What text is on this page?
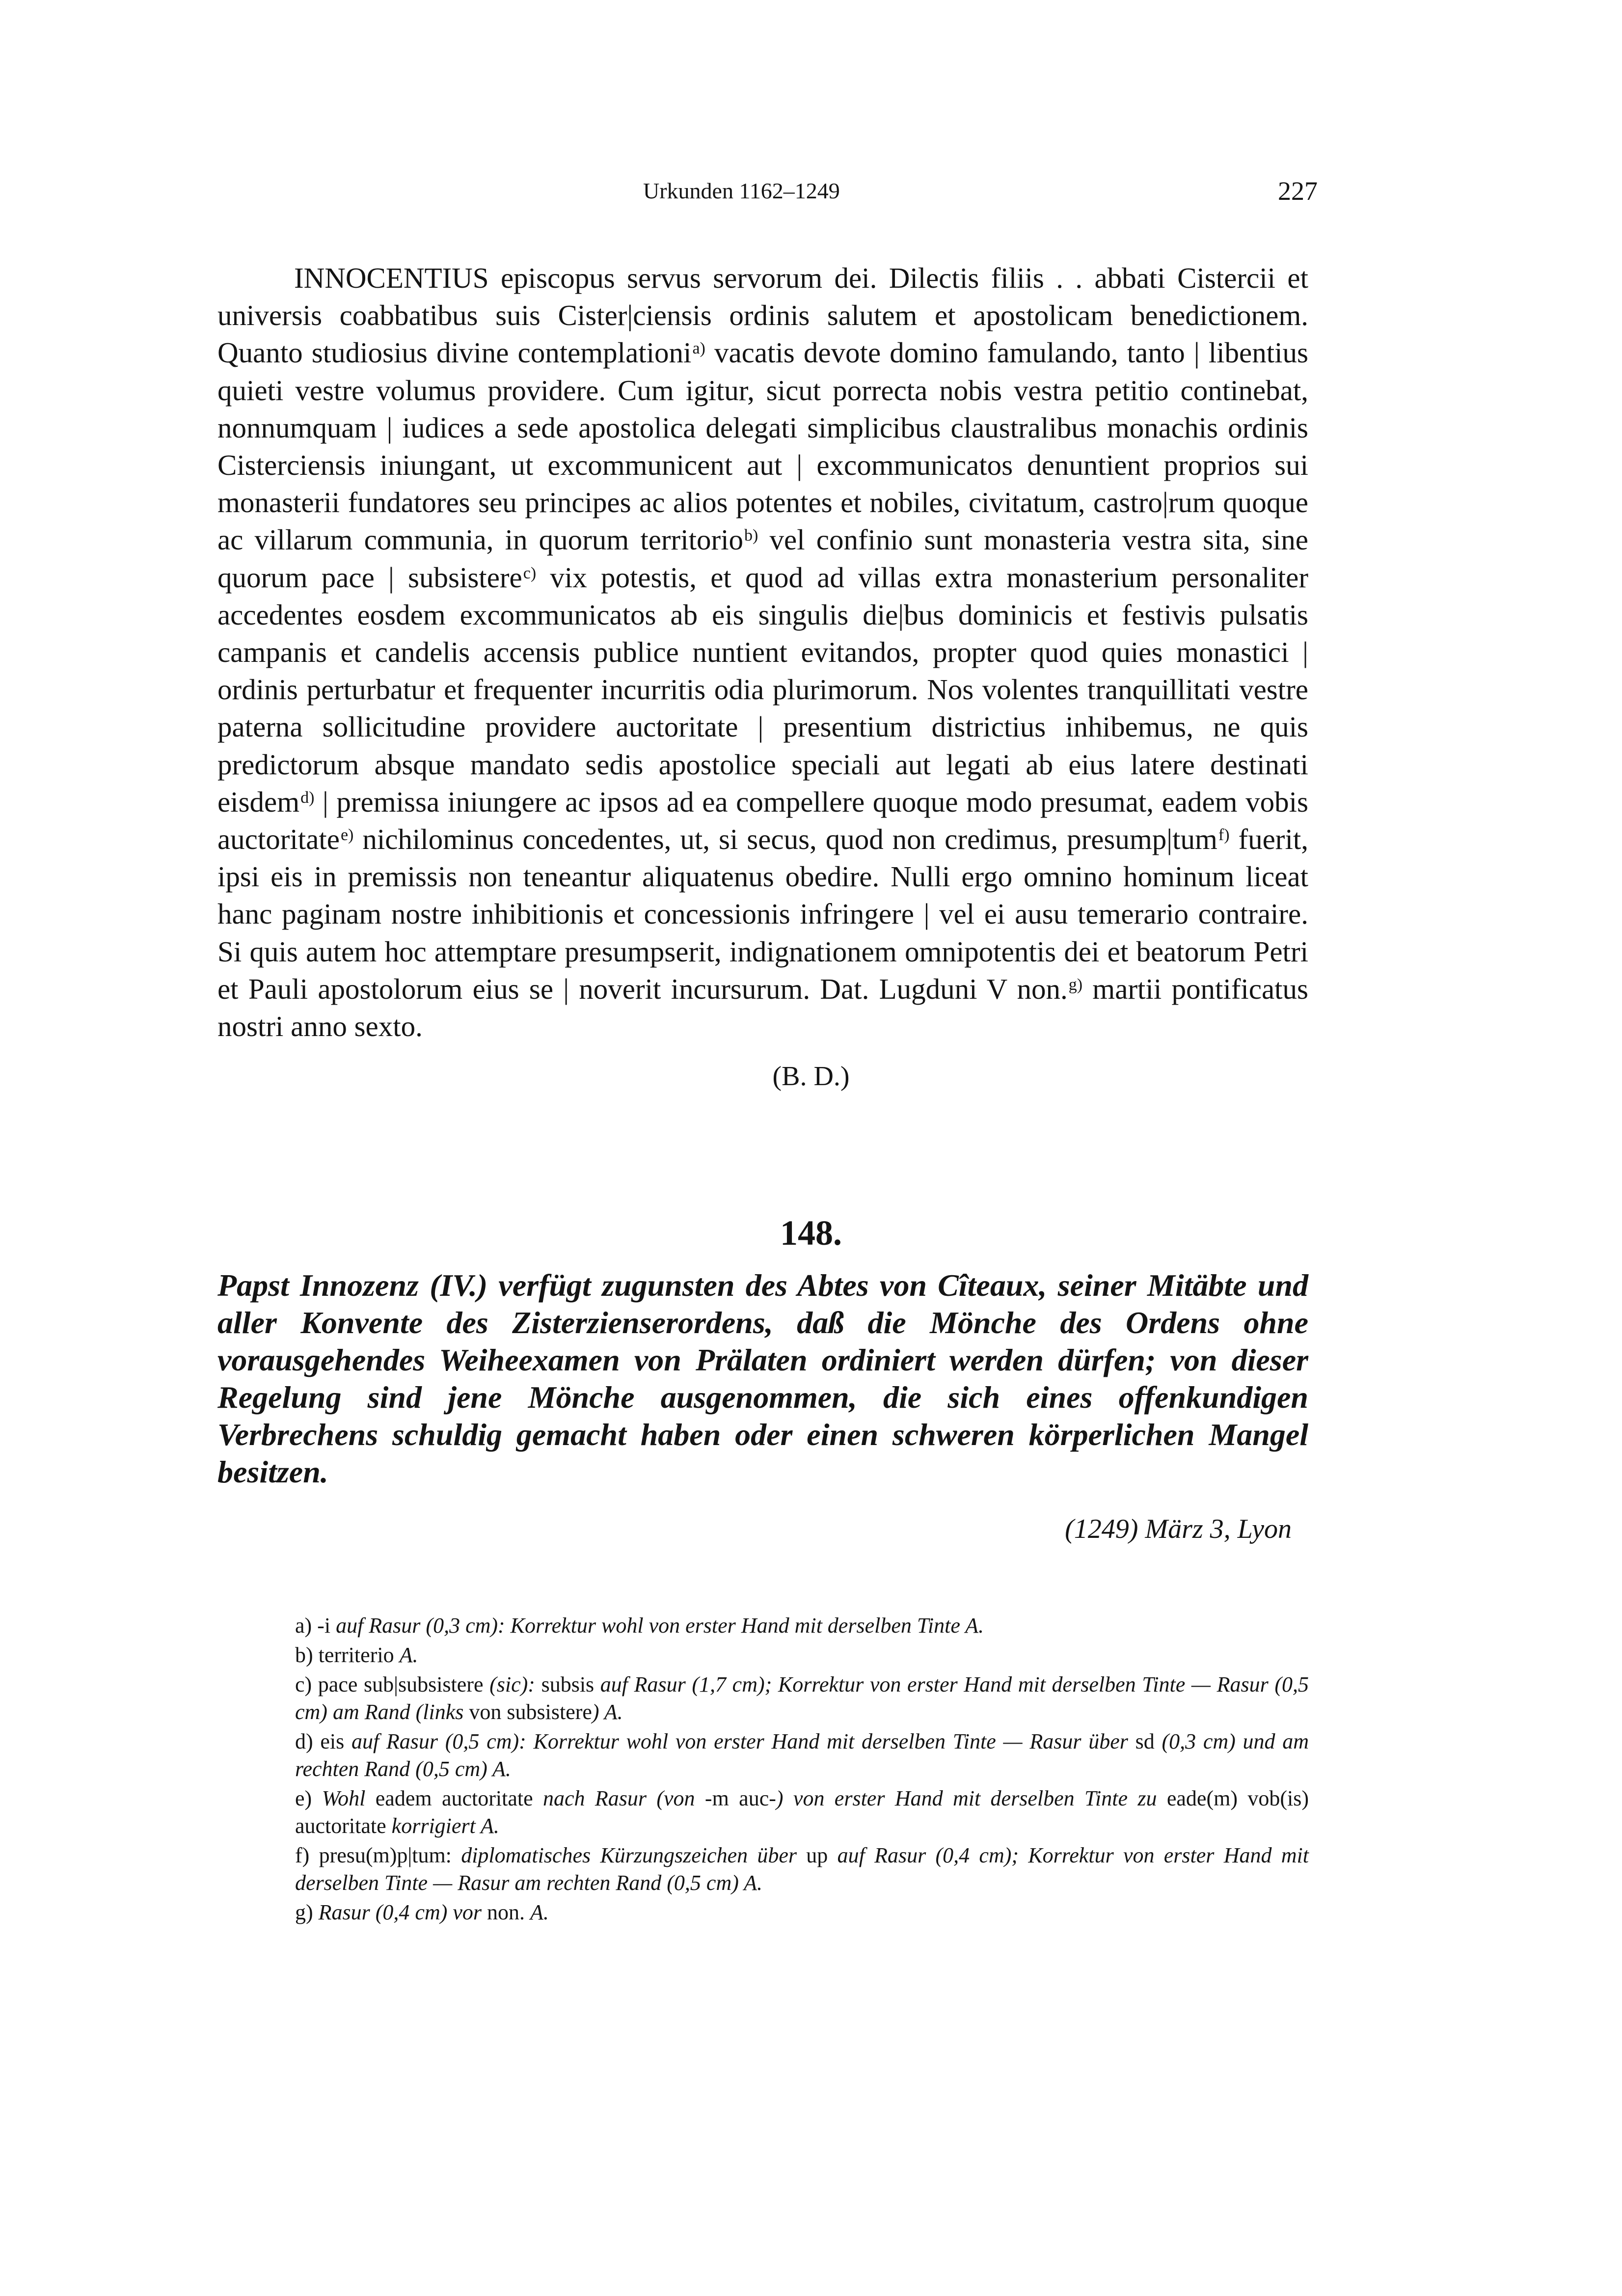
Urkunden 1162–1249	227

INNOCENTIUS episcopus servus servorum dei. Dilectis filiis . . abbati Cistercii et universis coabbatibus suis Cister|ciensis ordinis salutem et apostolicam benedictionem. Quanto studiosius divine contemplationi$^{a)}$ vacatis devote domino famulando, tanto | libentius quieti vestre volumus providere. Cum igitur, sicut porrecta nobis vestra petitio continebat, nonnumquam | iudices a sede apostolica delegati simplicibus claustralibus monachis ordinis Cisterciensis iniungant, ut excommunicent aut | excommunicatos denuntient proprios sui monasterii fundatores seu principes ac alios potentes et nobiles, civitatum, castro|rum quoque ac villarum communia, in quorum territorio$^{b)}$ vel confinio sunt monasteria vestra sita, sine quorum pace | subsistere$^{c)}$ vix potestis, et quod ad villas extra monasterium personaliter accedentes eosdem excommunicatos ab eis singulis die|bus dominicis et festivis pulsatis campanis et candelis accensis publice nuntient evitandos, propter quod quies monastici | ordinis perturbatur et frequenter incurritis odia plurimorum. Nos volentes tranquillitati vestre paterna sollicitudine providere auctoritate | presentium districtius inhibemus, ne quis predictorum absque mandato sedis apostolice speciali aut legati ab eius latere destinati eisdem$^{d)}$ | premissa iniungere ac ipsos ad ea compellere quoque modo presumat, eadem vobis auctoritate$^{e)}$ nichilominus concedentes, ut, si secus, quod non credimus, presump|tum$^{f)}$ fuerit, ipsi eis in premissis non teneantur aliquatenus obedire. Nulli ergo omnino hominum liceat hanc paginam nostre inhibitionis et concessionis infringere | vel ei ausu temerario contraire. Si quis autem hoc attemptare presumpserit, indignationem omnipotentis dei et beatorum Petri et Pauli apostolorum eius se | noverit incursurum. Dat. Lugduni V non.$^{g)}$ martii pontificatus nostri anno sexto.

(B. D.)
148.

Papst Innozenz (IV.) verfügt zugunsten des Abtes von Cîteaux, seiner Mitäbte und aller Konvente des Zisterzienserordens, daß die Mönche des Ordens ohne vorausgehendes Weiheexamen von Prälaten ordiniert werden dürfen; von dieser Regelung sind jene Mönche ausgenommen, die sich eines offenkundigen Verbrechens schuldig gemacht haben oder einen schweren körperlichen Mangel besitzen.

(1249) März 3, Lyon
a) -i auf Rasur (0,3 cm): Korrektur wohl von erster Hand mit derselben Tinte A.
b) territerio A.
c) pace sub|subsistere (sic): subsis auf Rasur (1,7 cm); Korrektur von erster Hand mit derselben Tinte — Rasur (0,5 cm) am Rand (links von subsistere) A.
d) eis auf Rasur (0,5 cm): Korrektur wohl von erster Hand mit derselben Tinte — Rasur über sd (0,3 cm) und am rechten Rand (0,5 cm) A.
e) Wohl eadem auctoritate nach Rasur (von -m auc-) von erster Hand mit derselben Tinte zu eade(m) vob(is) auctoritate korrigiert A.
f) presu(m)p|tum: diplomatisches Kürzungszeichen über up auf Rasur (0,4 cm); Korrektur von erster Hand mit derselben Tinte — Rasur am rechten Rand (0,5 cm) A.
g) Rasur (0,4 cm) vor non. A.
